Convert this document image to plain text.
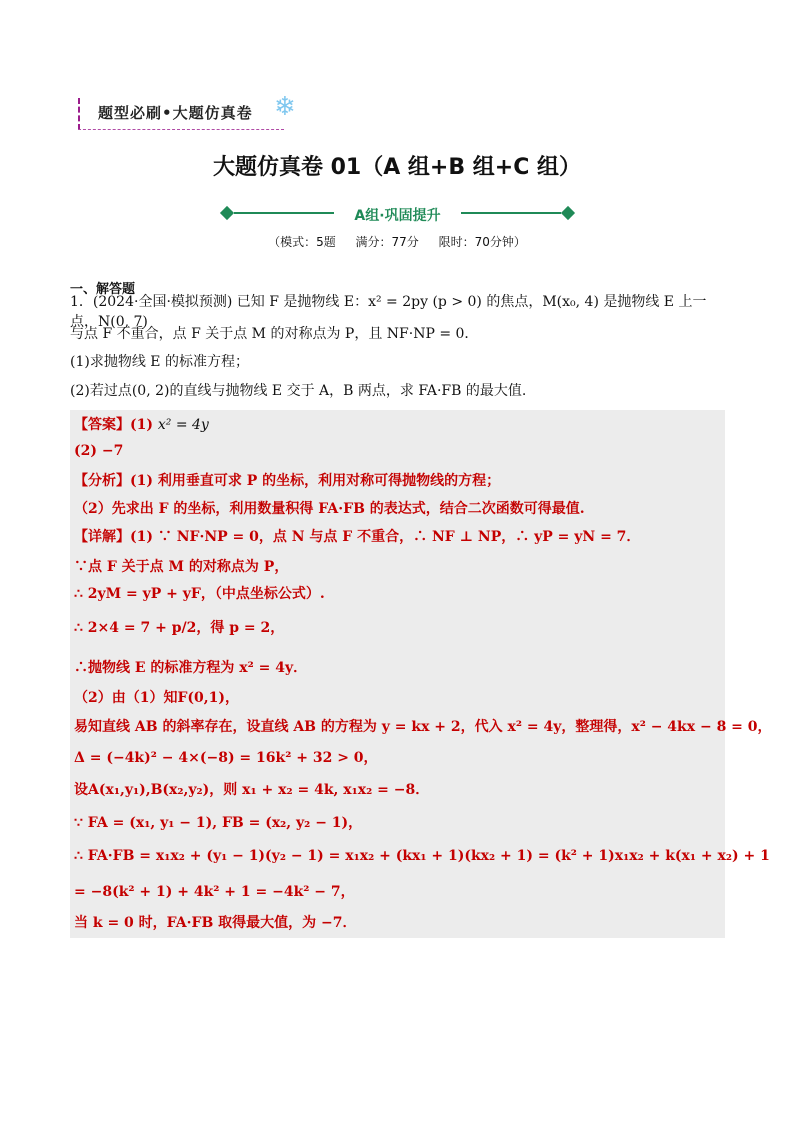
题型必刷•大题仿真卷 ❄
大题仿真卷 01（A 组+B 组+C 组）
A组·巩固提升
（模式：5题 满分：77分 限时：70分钟）
一、解答题
1．(2024·全国·模拟预测) 已知 F 是抛物线 E：x² = 2py (p > 0) 的焦点，M(x₀, 4) 是抛物线 E 上一点，N(0, 7)
与点 F 不重合，点 F 关于点 M 的对称点为 P，且 NF·NP = 0．
(1)求抛物线 E 的标准方程；
(2)若过点(0, 2)的直线与抛物线 E 交于 A，B 两点，求 FA·FB 的最大值.
【答案】(1) x² = 4y
(2) −7
【分析】(1) 利用垂直可求 P 的坐标，利用对称可得抛物线的方程；
（2）先求出 F 的坐标，利用数量积得 FA·FB 的表达式，结合二次函数可得最值.
【详解】(1) ∵ NF·NP = 0，点 N 与点 F 不重合，∴ NF ⊥ NP，∴ yP = yN = 7．
∵点 F 关于点 M 的对称点为 P，
∴ 2yM = yP + yF，（中点坐标公式）.
∴ 2×4 = 7 + p/2，得 p = 2，
∴抛物线 E 的标准方程为 x² = 4y．
（2）由（1）知F(0,1)，
易知直线 AB 的斜率存在，设直线 AB 的方程为 y = kx + 2，代入 x² = 4y，整理得，x² − 4kx − 8 = 0，
Δ = (−4k)² − 4×(−8) = 16k² + 32 > 0，
设A(x₁,y₁),B(x₂,y₂)，则 x₁ + x₂ = 4k, x₁x₂ = −8．
∵ FA = (x₁, y₁ − 1), FB = (x₂, y₂ − 1)，
∴ FA·FB = x₁x₂ + (y₁ − 1)(y₂ − 1) = x₁x₂ + (kx₁ + 1)(kx₂ + 1) = (k² + 1)x₁x₂ + k(x₁ + x₂) + 1
= −8(k² + 1) + 4k² + 1 = −4k² − 7，
当 k = 0 时，FA·FB 取得最大值，为 −7．
